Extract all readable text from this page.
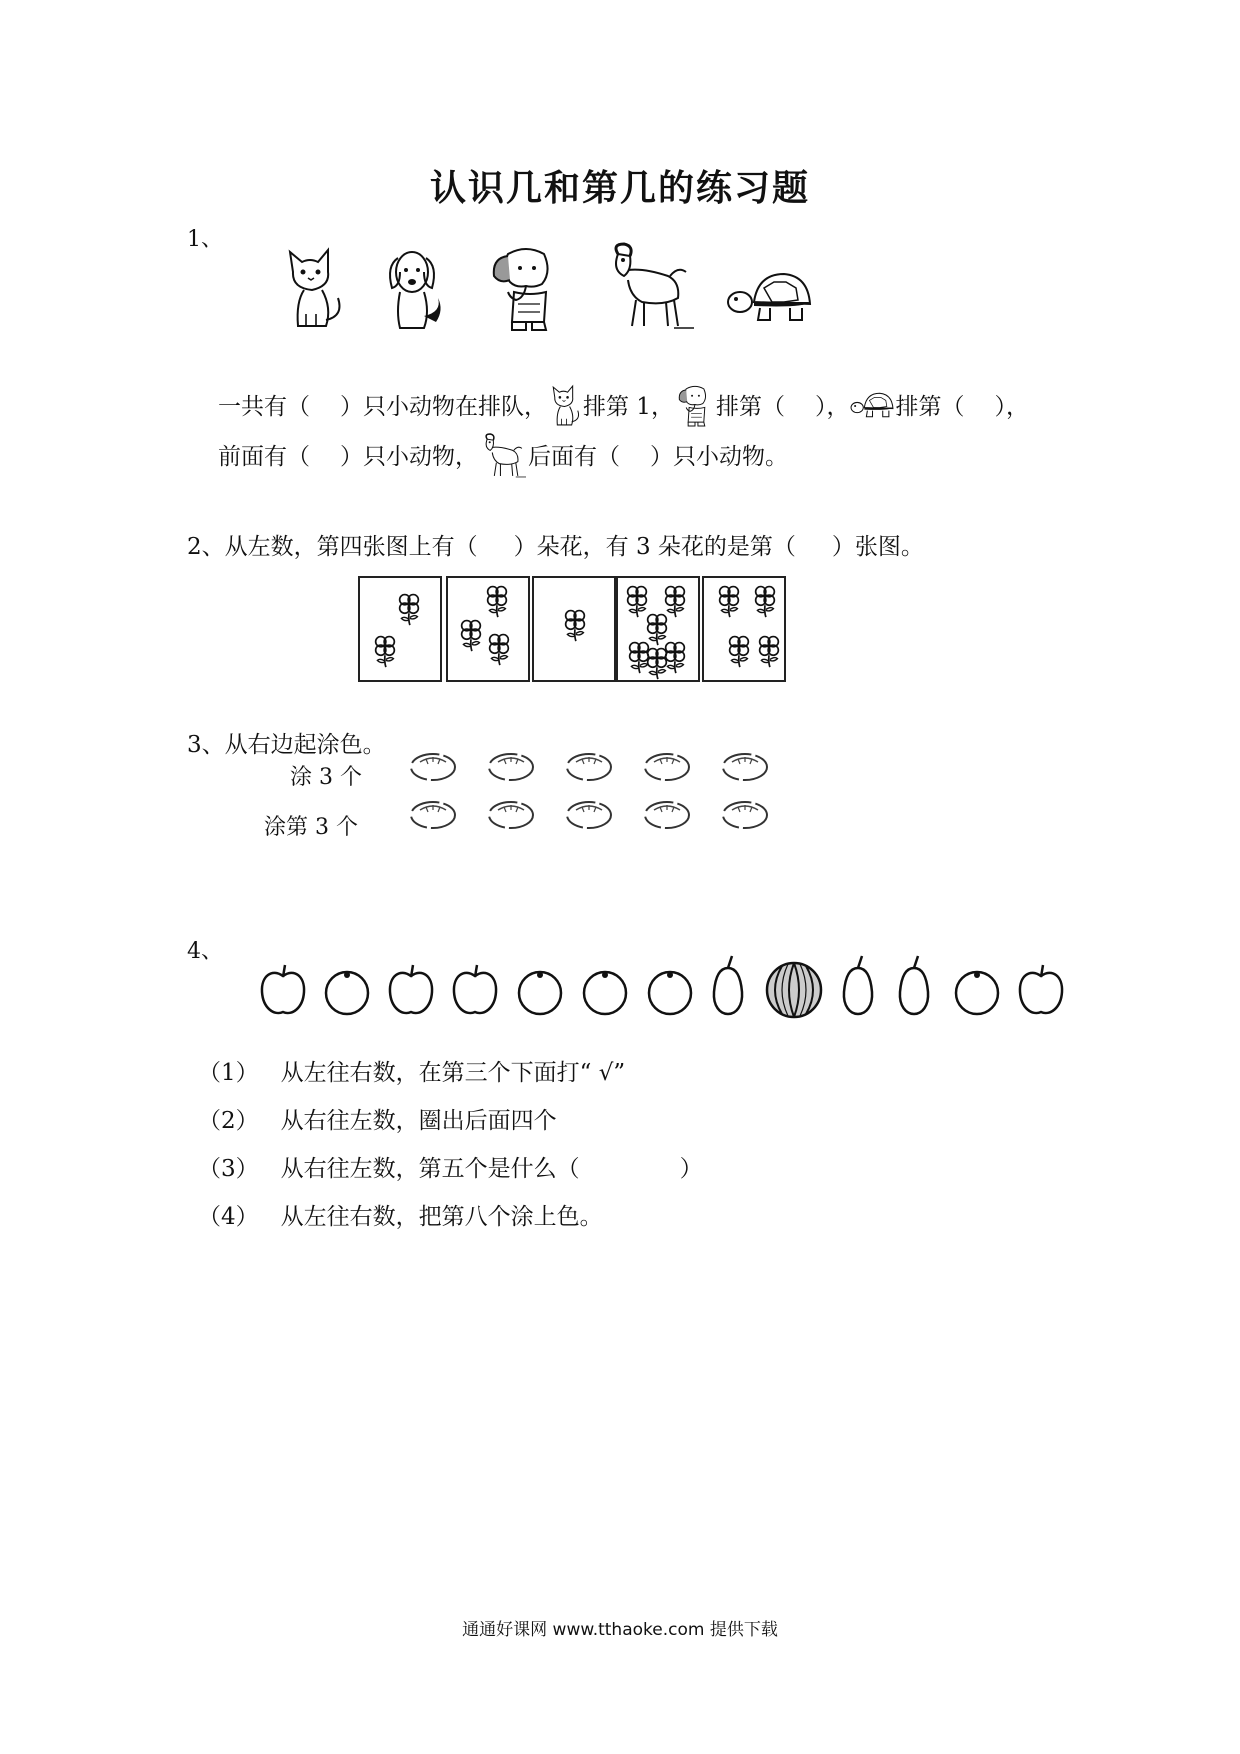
认识几和第几的练习题
1、
一共有（ ）只小动物在排队， 排第 1， 排第（ ）， 排第（ ），
前面有（ ）只小动物， 后面有（ ）只小动物。
2、从左数，第四张图上有（ ）朵花，有 3 朵花的是第（ ）张图。
3、从右边起涂色。
涂 3 个
涂第 3 个
4、
（1） 从左往右数，在第三个下面打“ √”
（2） 从右往左数，圈出后面四个
（3） 从右往左数，第五个是什么（	）
（4） 从左往右数，把第八个涂上色。
通通好课网 www.tthaoke.com 提供下载
